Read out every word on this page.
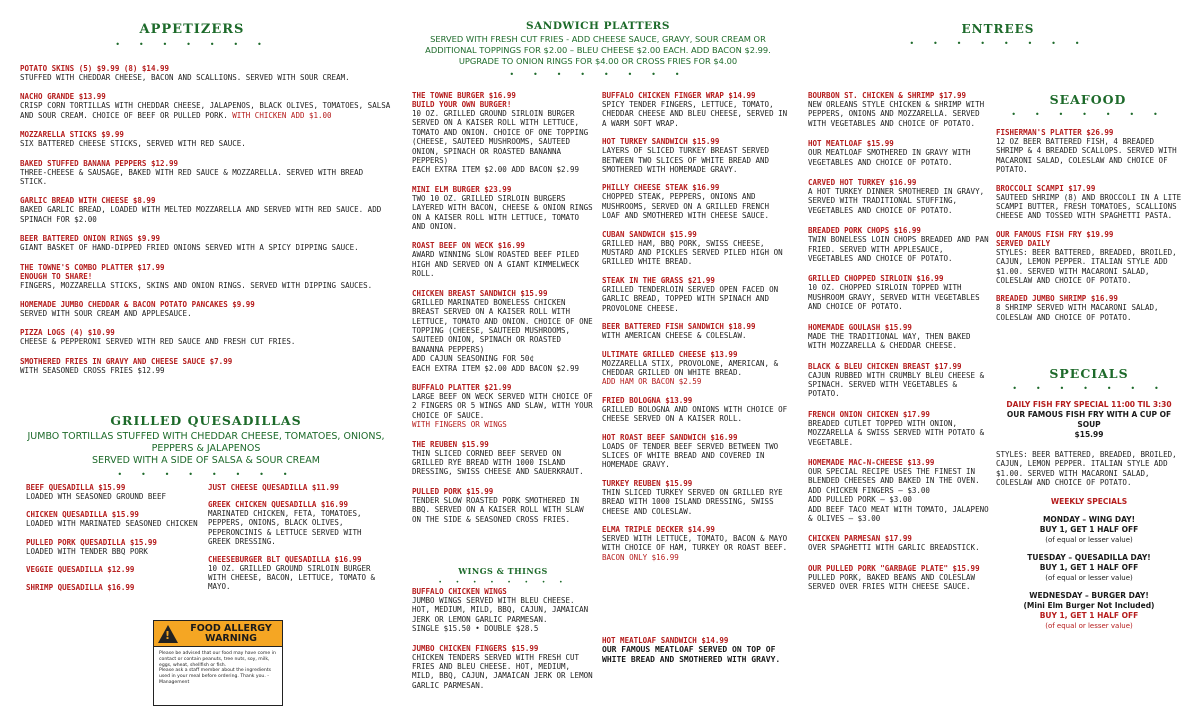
APPETIZERS
• • • • • • •
POTATO SKINS (5) $9.99 (8) $14.99
STUFFED WITH CHEDDAR CHEESE, BACON AND SCALLIONS. SERVED WITH SOUR CREAM.
NACHO GRANDE $13.99
CRISP CORN TORTILLAS WITH CHEDDAR CHEESE, JALAPENOS, BLACK OLIVES, TOMATOES, SALSA AND SOUR CREAM. CHOICE OF BEEF OR PULLED PORK. WITH CHICKEN ADD $1.00
MOZZARELLA STICKS $9.99
SIX BATTERED CHEESE STICKS, SERVED WITH RED SAUCE.
BAKED STUFFED BANANA PEPPERS $12.99
THREE-CHEESE & SAUSAGE, BAKED WITH RED SAUCE & MOZZARELLA. SERVED WITH BREAD STICK.
GARLIC BREAD WITH CHEESE $8.99
BAKED GARLIC BREAD, LOADED WITH MELTED MOZZARELLA AND SERVED WITH RED SAUCE. ADD SPINACH FOR $2.00
BEER BATTERED ONION RINGS $9.99
GIANT BASKET OF HAND-DIPPED FRIED ONIONS SERVED WITH A SPICY DIPPING SAUCE.
THE TOWNE'S COMBO PLATTER $17.99
ENOUGH TO SHARE!
FINGERS, MOZZARELLA STICKS, SKINS AND ONION RINGS. SERVED WITH DIPPING SAUCES.
HOMEMADE JUMBO CHEDDAR & BACON POTATO PANCAKES $9.99
SERVED WITH SOUR CREAM AND APPLESAUCE.
PIZZA LOGS (4) $10.99
CHEESE & PEPPERONI SERVED WITH RED SAUCE AND FRESH CUT FRIES.
SMOTHERED FRIES IN GRAVY AND CHEESE SAUCE $7.99
WITH SEASONED CROSS FRIES $12.99
GRILLED QUESADILLAS
JUMBO TORTILLAS STUFFED WITH CHEDDAR CHEESE, TOMATOES, ONIONS, PEPPERS & JALAPENOS
SERVED WITH A SIDE OF SALSA & SOUR CREAM
• • • • • • • •
BEEF QUESADILLA $15.99
LOADED WTH SEASONED GROUND BEEF
CHICKEN QUESADILLA $15.99
LOADED WITH MARINATED SEASONED CHICKEN
PULLED PORK QUESADILLA $15.99
LOADED WITH TENDER BBQ PORK
VEGGIE QUESADILLA $12.99
SHRIMP QUESADILLA $16.99
JUST CHEESE QUESADILLA $11.99
GREEK CHICKEN QUESADILLA $16.99
MARINATED CHICKEN, FETA, TOMATOES, PEPPERS, ONIONS, BLACK OLIVES, PEPERONCINIS & LETTUCE SERVED WITH GREEK DRESSING.
CHEESEBURGER BLT QUESADILLA $16.99
10 OZ. GRILLED GROUND SIRLOIN BURGER WITH CHEESE, BACON, LETTUCE, TOMATO & MAYO.
!
FOOD ALLERGY
WARNING
Please be advised that our food may have come in contact or contain peanuts, tree nuts, soy, milk, eggs, wheat, shellfish or fish.
Please ask a staff member about the ingredients used in your meal before ordering. Thank you. - Management
SANDWICH PLATTERS
SERVED WITH FRESH CUT FRIES - ADD CHEESE SAUCE, GRAVY, SOUR CREAM OR ADDITIONAL TOPPINGS FOR $2.00 – BLEU CHEESE $2.00 EACH. ADD BACON $2.99. UPGRADE TO ONION RINGS FOR $4.00 OR CROSS FRIES FOR $4.00
• • • • • • • •
THE TOWNE BURGER $16.99
BUILD YOUR OWN BURGER!
10 OZ. GRILLED GROUND SIRLOIN BURGER SERVED ON A KAISER ROLL WITH LETTUCE, TOMATO AND ONION. CHOICE OF ONE TOPPING (CHEESE, SAUTEED MUSHROOMS, SAUTEED ONION, SPINACH OR ROASTED BANANNA PEPPERS)
EACH EXTRA ITEM $2.00 ADD BACON $2.99
MINI ELM BURGER $23.99
TWO 10 OZ. GRILLED SIRLOIN BURGERS LAYERED WITH BACON, CHEESE & ONION RINGS ON A KAISER ROLL WITH LETTUCE, TOMATO AND ONION.
ROAST BEEF ON WECK $16.99
AWARD WINNING SLOW ROASTED BEEF PILED HIGH AND SERVED ON A GIANT KIMMELWECK ROLL.
CHICKEN BREAST SANDWICH $15.99
GRILLED MARINATED BONELESS CHICKEN BREAST SERVED ON A KAISER ROLL WITH LETTUCE, TOMATO AND ONION. CHOICE OF ONE TOPPING (CHEESE, SAUTEED MUSHROOMS, SAUTEED ONION, SPINACH OR ROASTED BANANNA PEPPERS)
ADD CAJUN SEASONING FOR 50¢
EACH EXTRA ITEM $2.00 ADD BACON $2.99
BUFFALO PLATTER $21.99
LARGE BEEF ON WECK SERVED WITH CHOICE OF 2 FINGERS OR 5 WINGS AND SLAW, WITH YOUR CHOICE OF SAUCE.
WITH FINGERS OR WINGS
THE REUBEN $15.99
THIN SLICED CORNED BEEF SERVED ON GRILLED RYE BREAD WITH 1000 ISLAND DRESSING, SWISS CHEESE AND SAUERKRAUT.
PULLED PORK $15.99
TENDER SLOW ROASTED PORK SMOTHERED IN BBQ. SERVED ON A KAISER ROLL WITH SLAW ON THE SIDE & SEASONED CROSS FRIES.
WINGS & THINGS
• • • • • • • •
BUFFALO CHICKEN WINGS
JUMBO WINGS SERVED WITH BLEU CHEESE. HOT, MEDIUM, MILD, BBQ, CAJUN, JAMAICAN JERK OR LEMON GARLIC PARMESAN.
SINGLE $15.50 • DOUBLE $28.5
JUMBO CHICKEN FINGERS $15.99
CHICKEN TENDERS SERVED WITH FRESH CUT FRIES AND BLEU CHEESE. HOT, MEDIUM, MILD, BBQ, CAJUN, JAMAICAN JERK OR LEMON GARLIC PARMESAN.
BUFFALO CHICKEN FINGER WRAP $14.99
SPICY TENDER FINGERS, LETTUCE, TOMATO, CHEDDAR CHEESE AND BLEU CHEESE, SERVED IN A WARM SOFT WRAP.
HOT TURKEY SANDWICH $15.99
LAYERS OF SLICED TURKEY BREAST SERVED BETWEEN TWO SLICES OF WHITE BREAD AND SMOTHERED WITH HOMEMADE GRAVY.
PHILLY CHEESE STEAK $16.99
CHOPPED STEAK, PEPPERS, ONIONS AND MUSHROOMS, SERVED ON A GRILLED FRENCH LOAF AND SMOTHERED WITH CHEESE SAUCE.
CUBAN SANDWICH $15.99
GRILLED HAM, BBQ PORK, SWISS CHEESE, MUSTARD AND PICKLES SERVED PILED HIGH ON GRILLED WHITE BREAD.
STEAK IN THE GRASS $21.99
GRILLED TENDERLOIN SERVED OPEN FACED ON GARLIC BREAD, TOPPED WITH SPINACH AND PROVOLONE CHEESE.
BEER BATTERED FISH SANDWICH $18.99
WITH AMERICAN CHEESE & COLESLAW.
ULTIMATE GRILLED CHEESE $13.99
MOZZARELLA STIX, PROVOLONE, AMERICAN, & CHEDDAR GRILLED ON WHITE BREAD.
ADD HAM OR BACON $2.59
FRIED BOLOGNA $13.99
GRILLED BOLOGNA AND ONIONS WITH CHOICE OF CHEESE SERVED ON A KAISER ROLL.
HOT ROAST BEEF SANDWICH $16.99
LOADS OF TENDER BEEF SERVED BETWEEN TWO SLICES OF WHITE BREAD AND COVERED IN HOMEMADE GRAVY.
TURKEY REUBEN $15.99
THIN SLICED TURKEY SERVED ON GRILLED RYE BREAD WITH 1000 ISLAND DRESSING, SWISS CHEESE AND COLESLAW.
ELMA TRIPLE DECKER $14.99
SERVED WITH LETTUCE, TOMATO, BACON & MAYO WITH CHOICE OF HAM, TURKEY OR ROAST BEEF.
BACON ONLY $16.99
HOT MEATLOAF SANDWICH $14.99
OUR FAMOUS MEATLOAF SERVED ON TOP OF WHITE BREAD AND SMOTHERED WITH GRAVY.
ENTREES
• • • • • • • •
BOURBON ST. CHICKEN & SHRIMP $17.99
NEW ORLEANS STYLE CHICKEN & SHRIMP WITH PEPPERS, ONIONS AND MOZZARELLA. SERVED WITH VEGETABLES AND CHOICE OF POTATO.
HOT MEATLOAF $15.99
OUR MEATLOAF SMOTHERED IN GRAVY WITH VEGETABLES AND CHOICE OF POTATO.
CARVED HOT TURKEY $16.99
A HOT TURKEY DINNER SMOTHERED IN GRAVY, SERVED WITH TRADITIONAL STUFFING, VEGETABLES AND CHOICE OF POTATO.
BREADED PORK CHOPS $16.99
TWIN BONELESS LOIN CHOPS BREADED AND PAN FRIED. SERVED WITH APPLESAUCE, VEGETABLES AND CHOICE OF POTATO.
GRILLED CHOPPED SIRLOIN $16.99
10 OZ. CHOPPED SIRLOIN TOPPED WITH MUSHROOM GRAVY, SERVED WITH VEGETABLES AND CHOICE OF POTATO.
HOMEMADE GOULASH $15.99
MADE THE TRADITIONAL WAY, THEN BAKED WITH MOZZARELLA & CHEDDAR CHEESE.
BLACK & BLEU CHICKEN BREAST $17.99
CAJUN RUBBED WITH CRUMBLY BLEU CHEESE & SPINACH. SERVED WITH VEGETABLES & POTATO.
FRENCH ONION CHICKEN $17.99
BREADED CUTLET TOPPED WITH ONION, MOZZARELLA & SWISS SERVED WITH POTATO & VEGETABLE.
HOMEMADE MAC-N-CHEESE $13.99
OUR SPECIAL RECIPE USES THE FINEST IN BLENDED CHEESES AND BAKED IN THE OVEN. ADD CHICKEN FINGERS – $3.00
ADD PULLED PORK – $3.00
ADD BEEF TACO MEAT WITH TOMATO, JALAPENO & OLIVES – $3.00
CHICKEN PARMESAN $17.99
OVER SPAGHETTI WITH GARLIC BREADSTICK.
OUR PULLED PORK "GARBAGE PLATE" $15.99
PULLED PORK, BAKED BEANS AND COLESLAW SERVED OVER FRIES WITH CHEESE SAUCE.
SEAFOOD
• • • • • • •
FISHERMAN'S PLATTER $26.99
12 OZ BEER BATTERED FISH, 4 BREADED SHRIMP & 4 BREADED SCALLOPS. SERVED WITH MACARONI SALAD, COLESLAW AND CHOICE OF POTATO.
BROCCOLI SCAMPI $17.99
SAUTEED SHRIMP (8) AND BROCCOLI IN A LITE SCAMPI BUTTER, FRESH TOMATOES, SCALLIONS CHEESE AND TOSSED WITH SPAGHETTI PASTA.
OUR FAMOUS FISH FRY $19.99
SERVED DAILY
STYLES: BEER BATTERED, BREADED, BROILED, CAJUN, LEMON PEPPER. ITALIAN STYLE ADD $1.00. SERVED WITH MACARONI SALAD, COLESLAW AND CHOICE OF POTATO.
BREADED JUMBO SHRIMP $16.99
8 SHRIMP SERVED WITH MACARONI SALAD, COLESLAW AND CHOICE OF POTATO.
SPECIALS
• • • • • • •
DAILY FISH FRY SPECIAL 11:00 TIL 3:30
OUR FAMOUS FISH FRY WITH A CUP OF SOUP
$15.99
STYLES: BEER BATTERED, BREADED, BROILED, CAJUN, LEMON PEPPER. ITALIAN STYLE ADD $1.00. SERVED WITH MACARONI SALAD, COLESLAW AND CHOICE OF POTATO.
WEEKLY SPECIALS
MONDAY – WING DAY!
BUY 1, GET 1 HALF OFF
(of equal or lesser value)
TUESDAY – QUESADILLA DAY!
BUY 1, GET 1 HALF OFF
(of equal or lesser value)
WEDNESDAY – BURGER DAY!
(Mini Elm Burger Not Included)
BUY 1, GET 1 HALF OFF
(of equal or lesser value)
